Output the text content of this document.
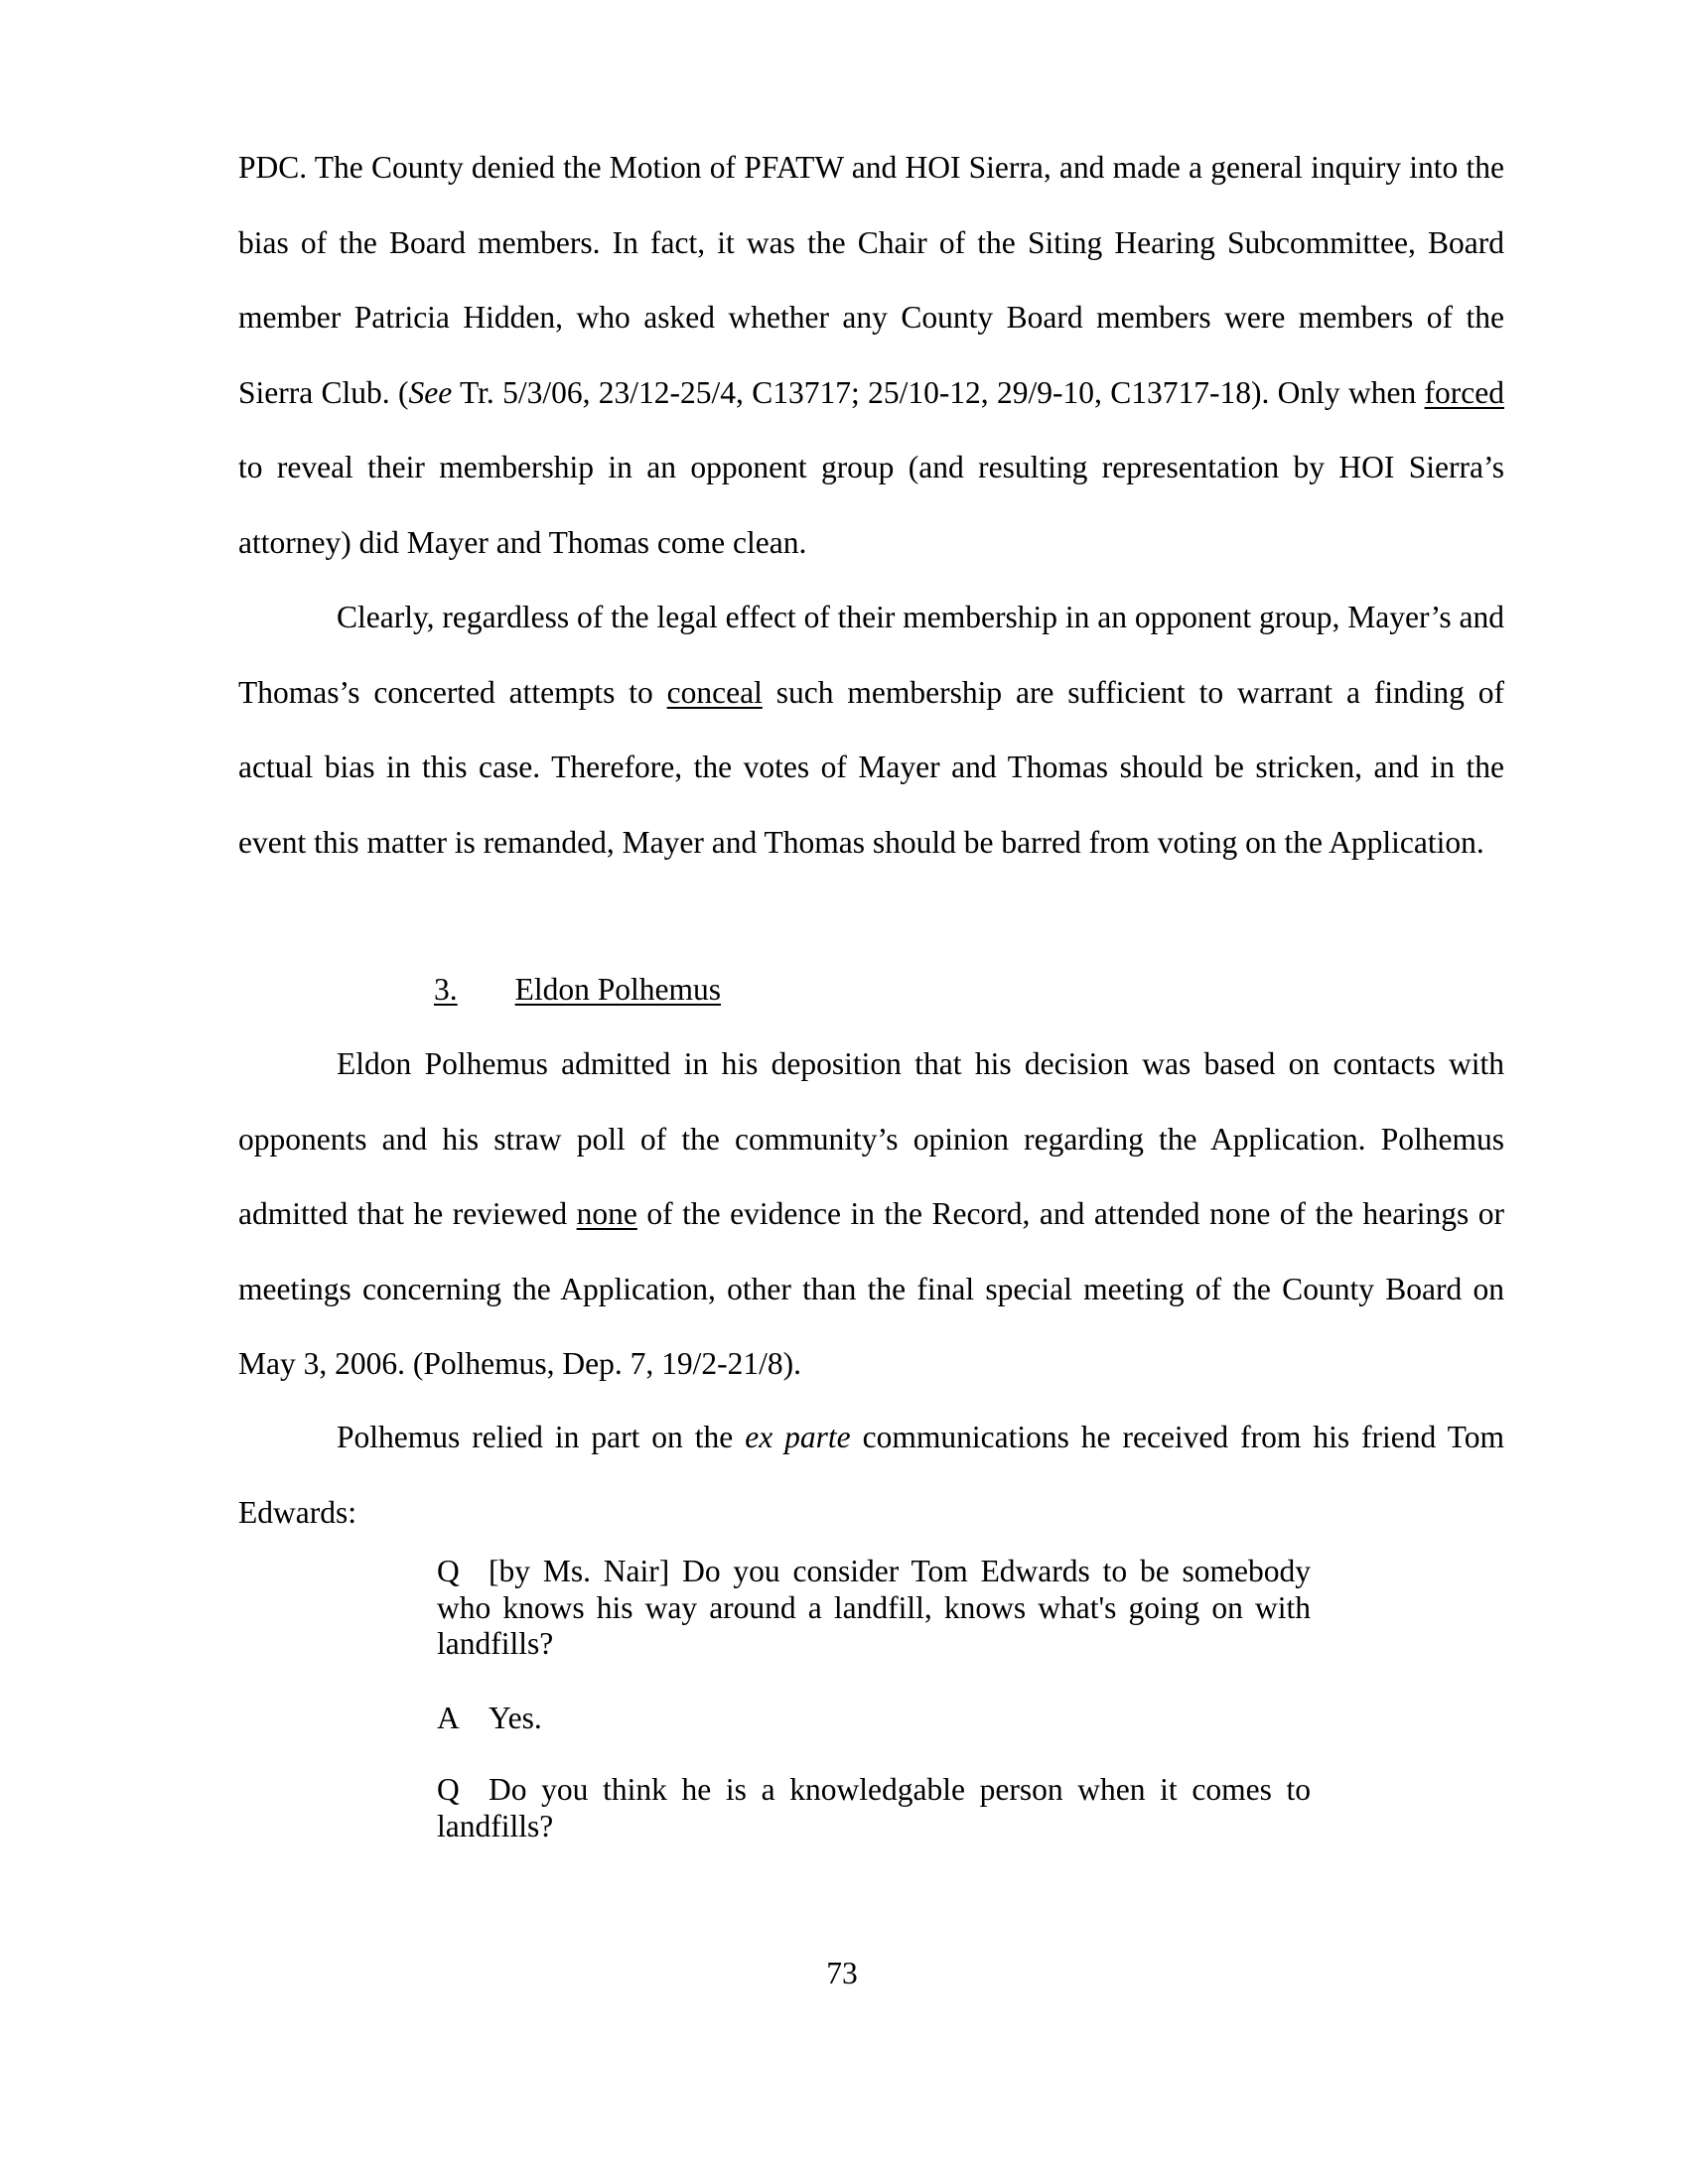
PDC. The County denied the Motion of PFATW and HOI Sierra, and made a general inquiry into the bias of the Board members. In fact, it was the Chair of the Siting Hearing Subcommittee, Board member Patricia Hidden, who asked whether any County Board members were members of the Sierra Club. (See Tr. 5/3/06, 23/12-25/4, C13717; 25/10-12, 29/9-10, C13717-18). Only when forced to reveal their membership in an opponent group (and resulting representation by HOI Sierra’s attorney) did Mayer and Thomas come clean.

Clearly, regardless of the legal effect of their membership in an opponent group, Mayer’s and Thomas’s concerted attempts to conceal such membership are sufficient to warrant a finding of actual bias in this case. Therefore, the votes of Mayer and Thomas should be stricken, and in the event this matter is remanded, Mayer and Thomas should be barred from voting on the Application.

3. Eldon Polhemus

Eldon Polhemus admitted in his deposition that his decision was based on contacts with opponents and his straw poll of the community’s opinion regarding the Application. Polhemus admitted that he reviewed none of the evidence in the Record, and attended none of the hearings or meetings concerning the Application, other than the final special meeting of the County Board on May 3, 2006. (Polhemus, Dep. 7, 19/2-21/8).

Polhemus relied in part on the ex parte communications he received from his friend Tom Edwards:

Q [by Ms. Nair] Do you consider Tom Edwards to be somebody who knows his way around a landfill, knows what's going on with landfills?

A Yes.

Q Do you think he is a knowledgable person when it comes to landfills?

73
